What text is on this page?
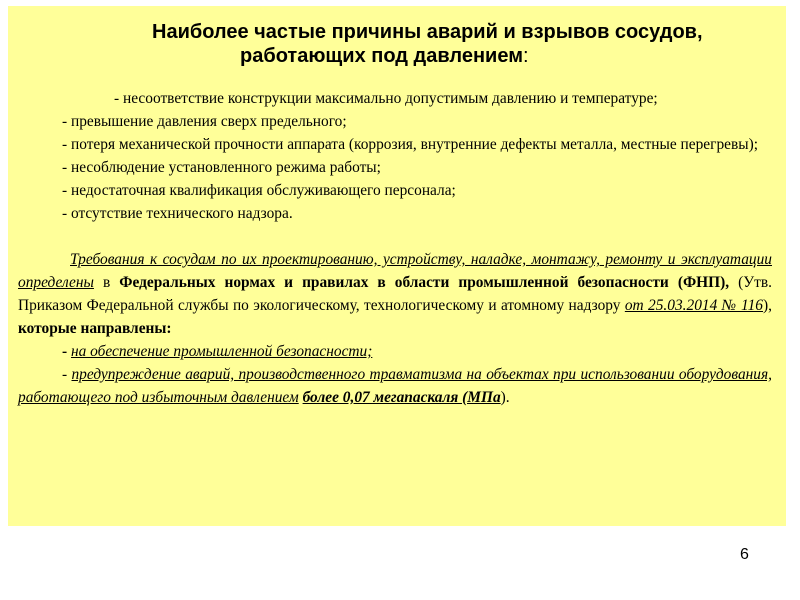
Наиболее частые причины аварий и взрывов сосудов,
работающих под давлением:

- несоответствие конструкции максимально допустимым давлению и температуре;

- превышение давления сверх предельного;

- потеря механической прочности аппарата (коррозия, внутренние дефекты металла, местные перегревы);

- несоблюдение установленного режима работы;

- недостаточная квалификация обслуживающего персонала;

- отсутствие технического надзора.

Требования к сосудам по их проектированию, устройству, наладке, монтажу, ремонту и эксплуатации определены в Федеральных нормах и правилах в области промышленной безопасности (ФНП), (Утв. Приказом Федеральной службы по экологическому, технологическому и атомному надзору от 25.03.2014 № 116), которые направлены:

- на обеспечение промышленной безопасности;

- предупреждение аварий, производственного травматизма на объектах при использовании оборудования, работающего под избыточным давлением более 0,07 мегапаскаля (МПа).

6
